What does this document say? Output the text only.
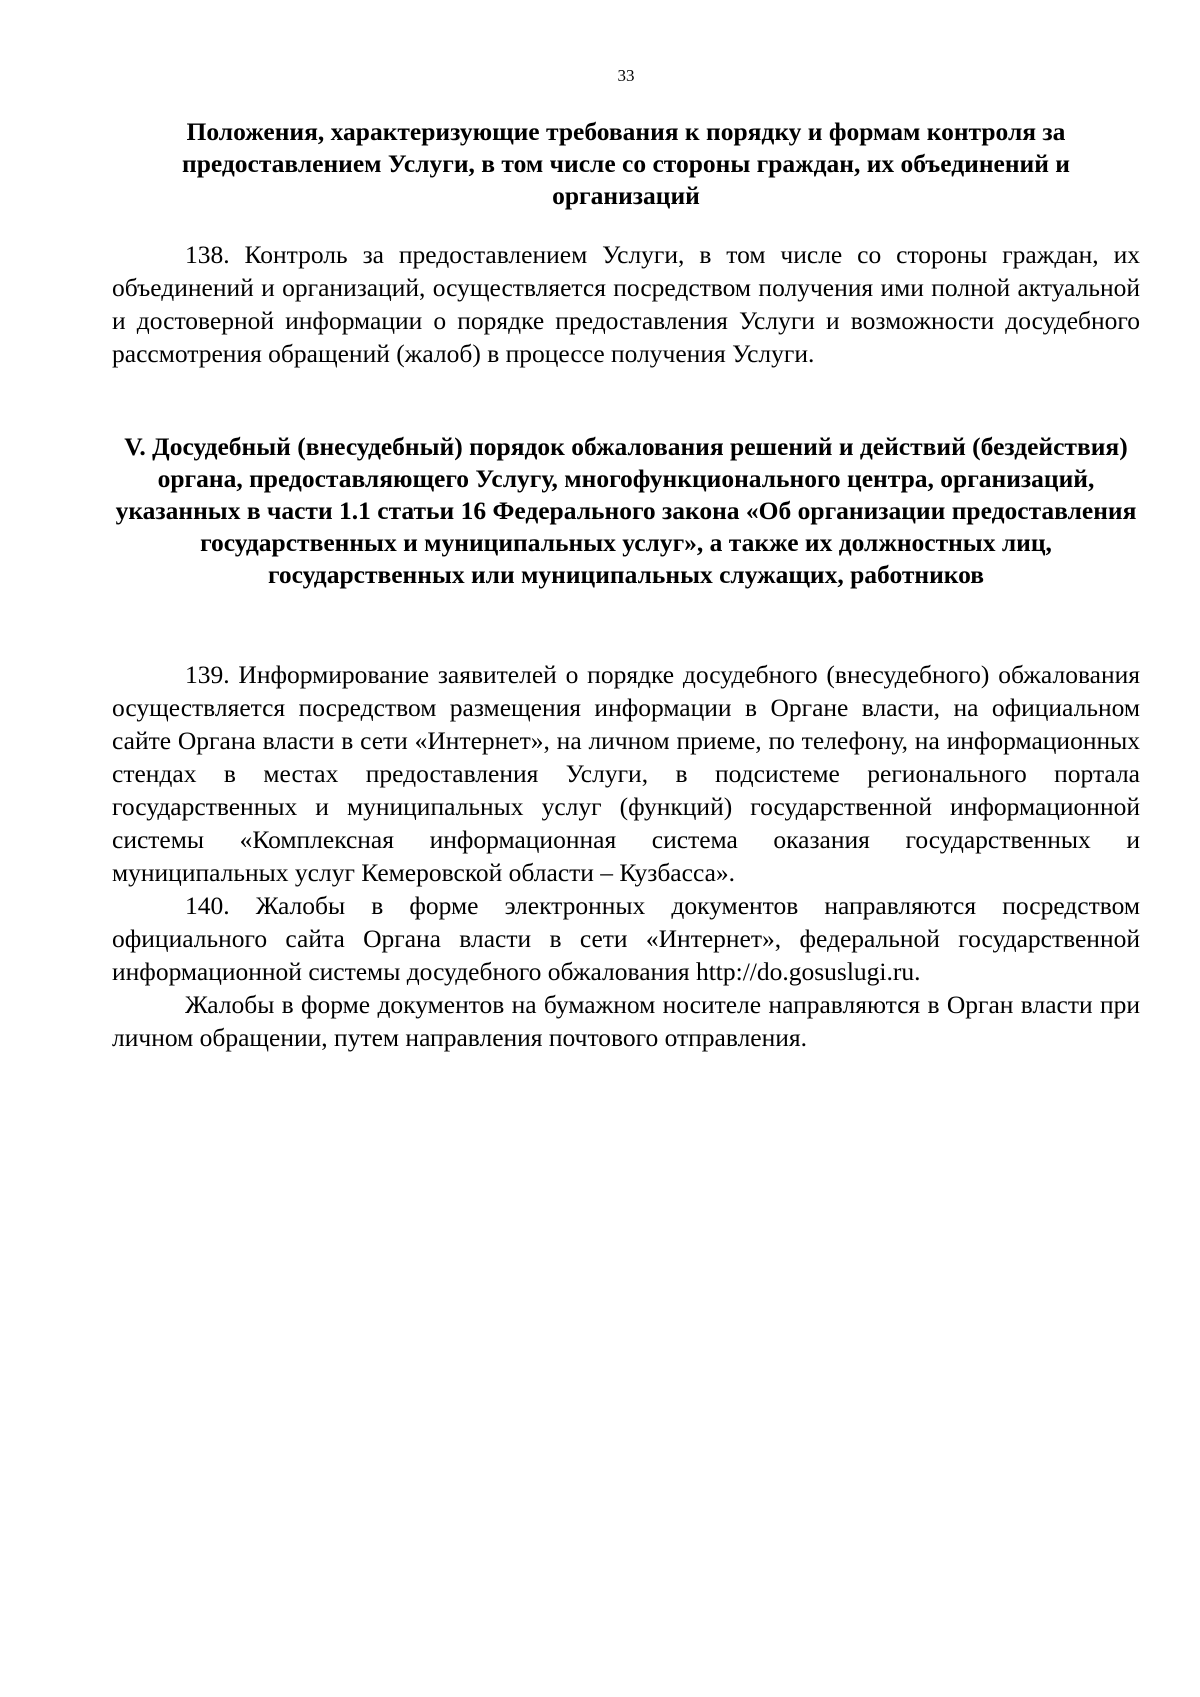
33
Положения, характеризующие требования к порядку и формам контроля за предоставлением Услуги, в том числе со стороны граждан, их объединений и организаций

138. Контроль за предоставлением Услуги, в том числе со стороны граждан, их объединений и организаций, осуществляется посредством получения ими полной актуальной и достоверной информации о порядке предоставления Услуги и возможности досудебного рассмотрения обращений (жалоб) в процессе получения Услуги.

V. Досудебный (внесудебный) порядок обжалования решений и действий (бездействия) органа, предоставляющего Услугу, многофункционального центра, организаций, указанных в части 1.1 статьи 16 Федерального закона «Об организации предоставления государственных и муниципальных услуг», а также их должностных лиц, государственных или муниципальных служащих, работников

139. Информирование заявителей о порядке досудебного (внесудебного) обжалования осуществляется посредством размещения информации в Органе власти, на официальном сайте Органа власти в сети «Интернет», на личном приеме, по телефону, на информационных стендах в местах предоставления Услуги, в подсистеме регионального портала государственных и муниципальных услуг (функций) государственной информационной системы «Комплексная информационная система оказания государственных и муниципальных услуг Кемеровской области – Кузбасса».

140. Жалобы в форме электронных документов направляются посредством официального сайта Органа власти в сети «Интернет», федеральной государственной информационной системы досудебного обжалования http://do.gosuslugi.ru.

Жалобы в форме документов на бумажном носителе направляются в Орган власти при личном обращении, путем направления почтового отправления.
